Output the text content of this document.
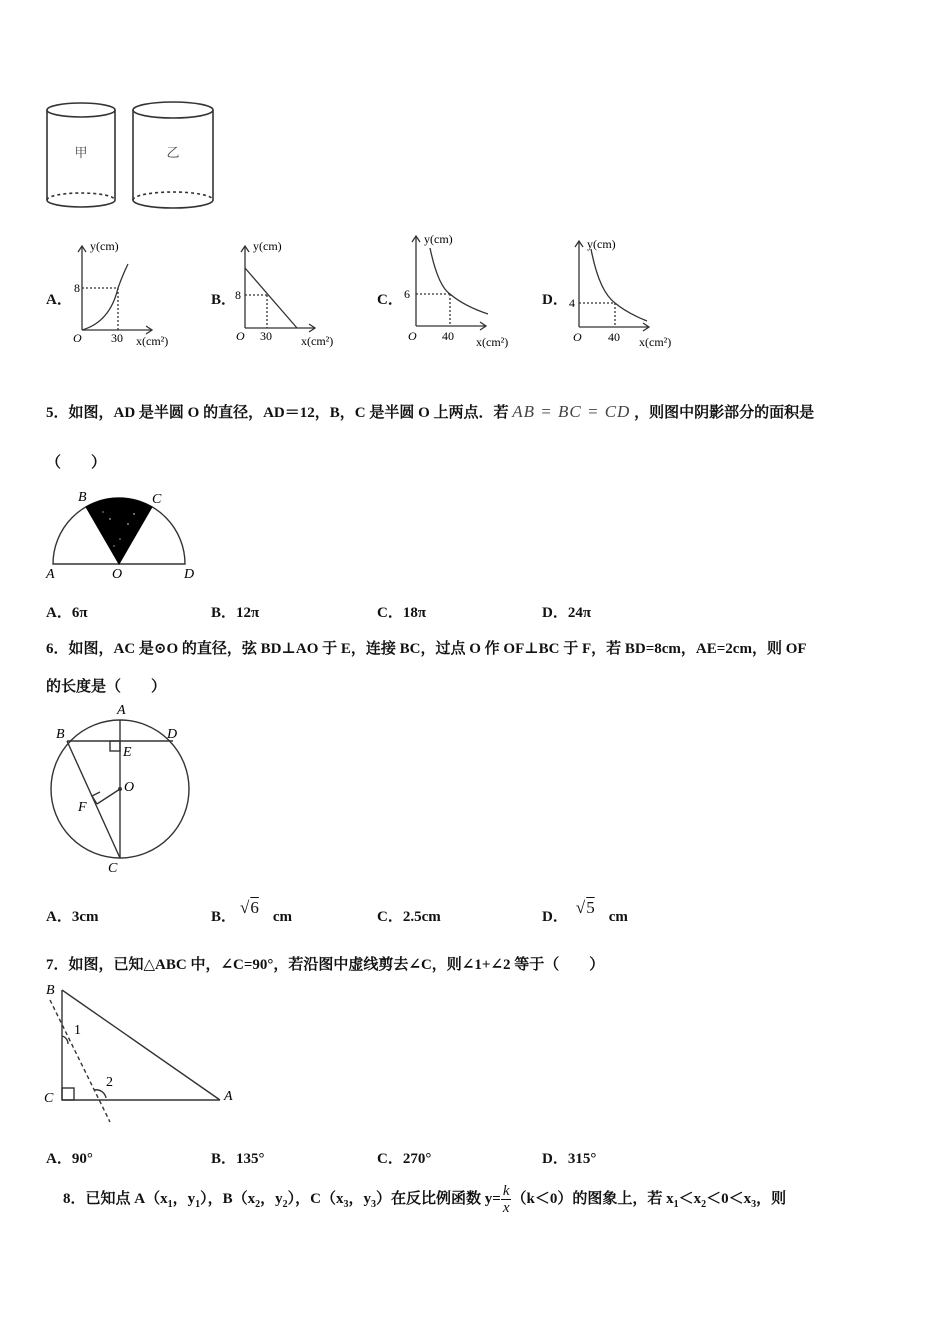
甲	乙
A．
y(cm)
8
O 30 x(cm²)
B．
y(cm)
8
O 30 x(cm²)
C．
y(cm)
6
O 40 x(cm²)
D．
y(cm)
4
O 40 x(cm²)
5．如图，AD 是半圆 O 的直径，AD＝12，B，C 是半圆 O 上两点．若 AB = BC = CD ，则图中阴影部分的面积是
（　　）
B	C
A	O	D
A．6π	B．12π	C．18π	D．24π
6．如图，AC 是⊙O 的直径，弦 BD⊥AO 于 E，连接 BC，过点 O 作 OF⊥BC 于 F，若 BD=8cm，AE=2cm，则 OF
的长度是（　　）
A
B	D
E
O
F
C
A．3cm	B． √6 cm	C．2.5cm	D． √5 cm
7．如图，已知△ABC 中，∠C=90°，若沿图中虚线剪去∠C，则∠1+∠2 等于（　　）
B
1
2
C	A
A．90°	B．135°	C．270°	D．315°
8．已知点 $A(x_1$，$y_1$），$B(x_2$，$y_2$），$C(x_3$，$y_3$）在反比例函数 $y= \frac{k}{x} (k<0)$的图象上，若 $x_1<x_2<0<x_3$，则
